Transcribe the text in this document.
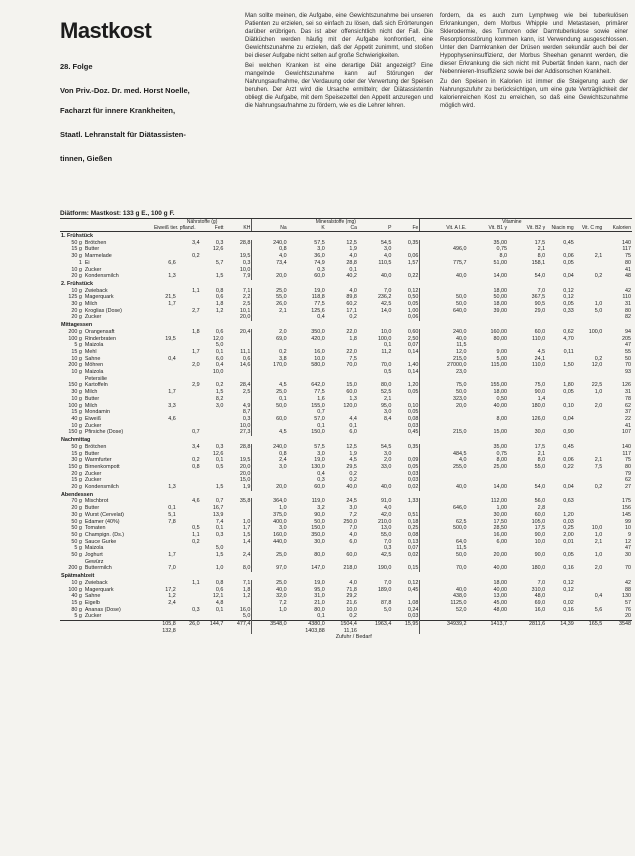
Mastkost
28. Folge
Von Priv.-Doz. Dr. med. Horst Noelle,
Facharzt für innere Krankheiten,
Staatl. Lehranstalt für Diätassisten-
tinnen, Gießen

Man sollte meinen, die Aufgabe, eine Gewichtszunahme bei unseren Patienten zu erzielen, sei so einfach zu lösen, daß sich Erörterungen darüber erübrigen. Das ist aber offensichtlich nicht der Fall. Die Diätküchen werden häufig mit der Aufgabe konfrontiert, eine Gewichtszunahme zu erzielen, daß der Appetit zunimmt, und stoßen bei dieser Aufgabe nicht selten auf große Schwierigkeiten.

Bei welchen Kranken ist eine derartige Diät angezeigt? Eine mangelnde Gewichtszunahme kann auf Störungen der Nahrungsaufnahme, der Verdauung oder der Verwertung der Speisen beruhen. Der Arzt wird die Ursache ermitteln; der Diätassistentin obliegt die Aufgabe, mit dem Speisezettel den Appetit anzuregen und die Nahrungsaufnahme zu fördern, wie es die Lehrer lehren.

fordern, da es auch zum Lymphweg wie bei tuberkulösen Erkrankungen, dem Morbus Whipple und Metastasen, primärer Sklerodermie, des Tumoren oder Darmtuberkulose sowie einer Resorptionsstörung kommen kann, ist Verwendung ausgeschlossen. Unter den Darmkranken der Drüsen werden sekundär auch bei der Hypophyseninsuffizienz, der Morbus Sheehan genannt werden, die dieser Erkrankung die sich nicht mit Pubertät finden kann, nach der Nebennieren-Insuffizienz sowie bei der Addisonschen Krankheit.

Zu den Speisen in Kalorien ist immer die Steigerung auch der Nahrungszufuhr zu berücksichtigen, um eine gute Verträglichkeit der kalorienreichen Kost zu erreichen, so daß eine Gewichtszunahme möglich wird.

Diätform: Mastkost: 133 g E., 100 g F.
		Nährstoffe (g)				Mineralstoffe (mg)					Vitamine					
		Eiweiß tier. pflanzl.		Fett	KH	Na	K	Ca	P	Fe	Vit. A I.E.	Vit. B1 γ	Vit. B2 γ	Niacin mg	Vit. C mg	Kalorien
1. Frühstück																
50 g	Brötchen		3,4	0,3	28,8	240,0	57,5	12,5	54,5	0,35		35,00	17,5	0,45		140
15 g	Butter			12,6		0,8	3,0	1,9	3,0		496,0	0,75	2,1			117
30 g	Marmelade		0,2		19,5	4,0	36,0	4,0	4,0	0,06		8,0	8,0	0,06	2,1	75
1	Ei	6,6		5,7	0,3	73,4	74,9	28,8	110,5	1,57	775,7	51,00	158,1	0,05		80
10 g	Zucker				10,0		0,3	0,1								41
20 g	Kondensmilch	1,3		1,5	7,9	20,0	60,0	40,2	40,0	0,22	40,0	14,00	54,0	0,04	0,2	48
2. Frühstück																
10 g	Zwieback		1,1	0,8	7,1	25,0	19,0	4,0	7,0	0,12		18,00	7,0	0,12		42
125 g	Magerquark	21,5		0,6	2,2	55,0	118,8	89,8	236,2	0,50	50,0	50,00	367,5	0,12		110
30 g	Milch	1,7		1,8	2,5	26,0	77,5	60,2	42,5	0,05	50,0	18,00	90,5	0,05	1,0	31
20 g	Kroglias (Dose)		2,7	1,2	10,1	2,1	125,6	17,1	14,0	1,00	640,0	39,00	29,0	0,33	5,0	80
20 g	Zucker				20,0		0,4	0,2		0,06						82
Mittagessen																
200 g	Orangensaft		1,8	0,6	20,4	2,0	350,0	22,0	10,0	0,60	240,0	160,00	60,0	0,62	100,0	94
100 g	Rinderbraten	19,5		12,0		69,0	420,0	1,8	100,0	2,50	40,0	80,00	110,0	4,70		205
5 g	Maizola			5,0					0,1	0,07	11,5					47
15 g	Mehl		1,7	0,1	11,1	0,2	16,0	22,0	11,2	0,14	12,0	9,00	4,5	0,11		55
10 g	Sahne	0,4		6,0	0,6	3,8	10,0	7,5			215,0	5,00	24,1		0,2	50
200 g	Möhren		2,0	0,4	14,6	170,0	580,0	70,0	70,0	1,40	27000,0	115,00	110,0	1,50	12,0	70
10 g	Maizola			10,0					0,5	0,14	23,0					93
	Petersilie															
150 g	Kartoffeln		2,9	0,2	28,4	4,5	642,0	15,0	80,0	1,20	75,0	155,00	75,0	1,80	22,5	126
30 g	Milch	1,7		1,5	2,5	25,0	77,5	60,0	52,5	0,05	50,0	18,00	90,0	0,05	1,0	31
10 g	Butter			8,2		0,1	1,6	1,3	2,1		323,0	0,50	1,4			78
100 g	Milch	3,3		3,0	4,9	50,0	155,0	120,0	95,0	0,10	20,0	40,00	180,0	0,10	2,0	62
15 g	Mondamin				8,7		0,7		3,0	0,05						37
40 g	Eiweiß	4,6			0,3	60,0	57,0	4,4	8,4	0,08		8,00	126,0	0,04		22
10 g	Zucker				10,0		0,1	0,1		0,03						41
150 g	Pfirsiche (Dose)		0,7		27,3	4,5	150,0	6,0		0,45	215,0	15,00	30,0	0,90		107
Nachmittag																
50 g	Brötchen		3,4	0,3	28,8	240,0	57,5	12,5	54,5	0,35		35,00	17,5	0,45		140
15 g	Butter			12,6		0,8	3,0	1,9	3,0		484,5	0,75	2,1			117
30 g	Warmfurter		0,2	0,1	19,5	2,4	19,0	4,5	2,0	0,09	4,0	8,00	8,0	0,06	2,1	75
150 g	Birnenkompott		0,8	0,5	20,0	3,0	130,0	29,5	33,0	0,05	255,0	25,00	55,0	0,22	7,5	80
20 g	Zucker				20,0		0,4	0,2		0,03						79
15 g	Zucker				15,0		0,3	0,2		0,03						62
20 g	Kondensmilch	1,3		1,5	1,9	20,0	60,0	40,0	40,0	0,02	40,0	14,00	54,0	0,04	0,2	27
Abendessen																
70 g	Mischbrot		4,6	0,7	35,8	364,0	119,0	24,5	91,0	1,33		112,00	56,0	0,63		175
20 g	Butter	0,1		16,7		1,0	3,2	3,0	4,0		646,0	1,00	2,8			156
30 g	Wurst (Cervelat)	5,1		13,9		375,0	90,0	7,2	42,0	0,51		30,00	60,0	1,20		145
50 g	Edamer (40%)	7,8		7,4	1,0	400,0	50,0	250,0	210,0	0,18	62,5	17,50	105,0	0,03		99
50 g	Tomaten		0,5	0,1	1,7	3,0	150,0	7,0	13,0	0,25	500,0	28,50	17,5	0,25	10,0	10
50 g	Champign. (Ds.)		1,1	0,3	1,5	160,0	350,0	4,0	55,0	0,08		16,00	90,0	2,00	1,0	9
50 g	Sauce Gurke		0,2		1,4	440,0	30,0	6,0	7,0	0,13	64,0	6,00	10,0	0,01	2,1	12
5 g	Maizola			5,0					0,3	0,07	11,5					47
50 g	Joghurt	1,7		1,5	2,4	25,0	80,0	60,0	42,5	0,02	50,0	20,00	90,0	0,05	1,0	30
	Gewürz															
200 g	Buttermilch	7,0		1,0	8,0	97,0	147,0	218,0	190,0	0,15	70,0	40,00	180,0	0,16	2,0	70
Spätmahlzeit																
10 g	Zwieback		1,1	0,8	7,1	25,0	19,0	4,0	7,0	0,12		18,00	7,0	0,12		42
100 g	Magerquark	17,2		0,6	1,8	40,0	95,0	71,8	189,0	0,45	40,0	40,00	310,0	0,12		88
40 g	Sahne	1,2		12,1	1,2	32,0	31,0	29,2			438,0	13,00	48,0		0,4	130
15 g	Eigelb	2,4		4,8		7,2	21,0	21,6	87,8	1,08	1125,0	45,00	69,0	0,02		57
80 g	Ananas (Dose)		0,3	0,1	16,0	1,0	80,0	10,0	5,0	0,24	52,0	48,00	16,0	0,16	5,6	76
5 g	Zucker				5,0		0,1	0,2		0,03						20
		105,8	26,0	144,7	477,4	3548,0	4380,0	1504,4	1963,4	15,95	34939,2	1413,7	2811,6	14,39	165,5	3548
		132,8					1403,88	11,16								
							Zufuhr / Bedarf									
